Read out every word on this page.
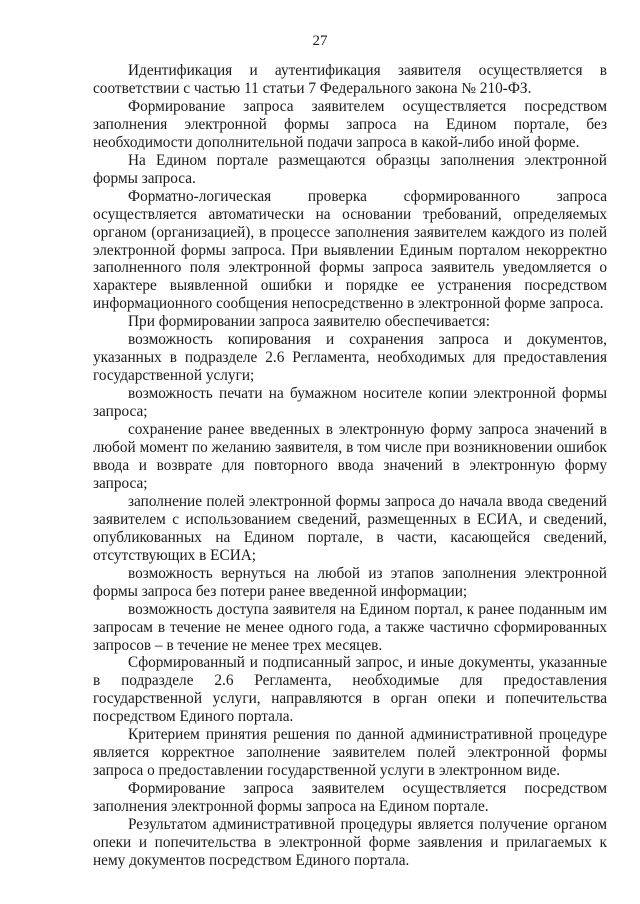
27

Идентификация и аутентификация заявителя осуществляется в соответствии с частью 11 статьи 7 Федерального закона № 210-ФЗ.

Формирование запроса заявителем осуществляется посредством заполнения электронной формы запроса на Едином портале, без необходимости дополнительной подачи запроса в какой-либо иной форме.

На Едином портале размещаются образцы заполнения электронной формы запроса.

Форматно-логическая проверка сформированного запроса осуществляется автоматически на основании требований, определяемых органом (организацией), в процессе заполнения заявителем каждого из полей электронной формы запроса. При выявлении Единым порталом некорректно заполненного поля электронной формы запроса заявитель уведомляется о характере выявленной ошибки и порядке ее устранения посредством информационного сообщения непосредственно в электронной форме запроса.

При формировании запроса заявителю обеспечивается:

возможность копирования и сохранения запроса и документов, указанных в подразделе 2.6 Регламента, необходимых для предоставления государственной услуги;

возможность печати на бумажном носителе копии электронной формы запроса;

сохранение ранее введенных в электронную форму запроса значений в любой момент по желанию заявителя, в том числе при возникновении ошибок ввода и возврате для повторного ввода значений в электронную форму запроса;

заполнение полей электронной формы запроса до начала ввода сведений заявителем с использованием сведений, размещенных в ЕСИА, и сведений, опубликованных на Едином портале, в части, касающейся сведений, отсутствующих в ЕСИА;

возможность вернуться на любой из этапов заполнения электронной формы запроса без потери ранее введенной информации;

возможность доступа заявителя на Едином портал, к ранее поданным им запросам в течение не менее одного года, а также частично сформированных запросов – в течение не менее трех месяцев.

Сформированный и подписанный запрос, и иные документы, указанные в подразделе 2.6 Регламента, необходимые для предоставления государственной услуги, направляются в орган опеки и попечительства посредством Единого портала.

Критерием принятия решения по данной административной процедуре является корректное заполнение заявителем полей электронной формы запроса о предоставлении государственной услуги в электронном виде.

Формирование запроса заявителем осуществляется посредством заполнения электронной формы запроса на Едином портале.

Результатом административной процедуры является получение органом опеки и попечительства в электронной форме заявления и прилагаемых к нему документов посредством Единого портала.
